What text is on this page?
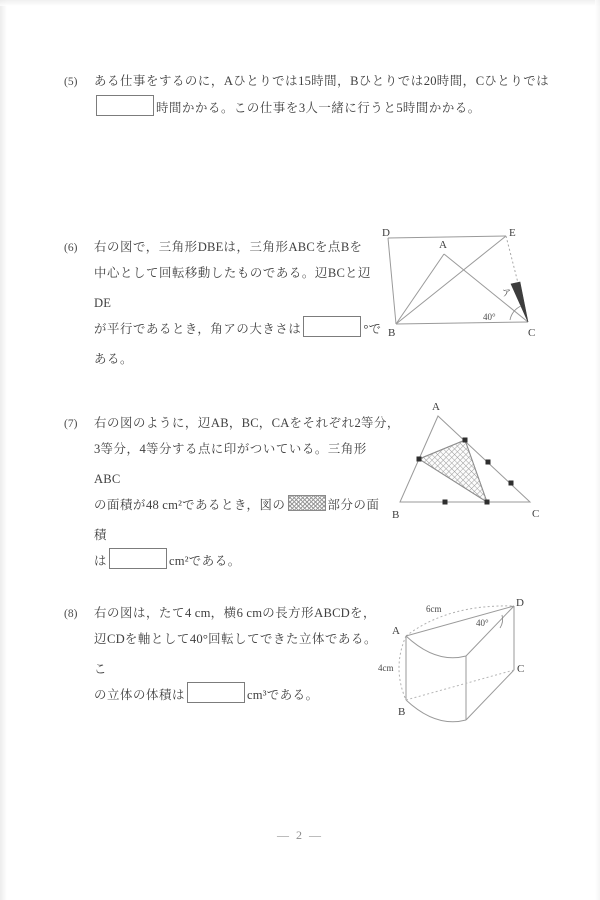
(5)	ある仕事をするのに，Aひとりでは15時間，Bひとりでは20時間，Cひとりでは
時間かかる。この仕事を3人一緒に行うと5時間かかる。
(6)	右の図で，三角形DBEは，三角形ABCを点Bを
中心として回転移動したものである。辺BCと辺DE
が平行であるとき，角アの大きさは	°である。
D	E
A
B	C
ア
40°
(7)	右の図のように，辺AB，BC，CAをそれぞれ2等分，
3等分，4等分する点に印がついている。三角形ABC
の面積が48 cm²であるとき，図の	部分の面積
は	cm²である。
A
B	C
(8)	右の図は，たて4 cm，横6 cmの長方形ABCDを，
辺CDを軸として40°回転してできた立体である。こ
の立体の体積は	cm³である。
D
C
A
B
6cm
4cm
40°
— 2 —
